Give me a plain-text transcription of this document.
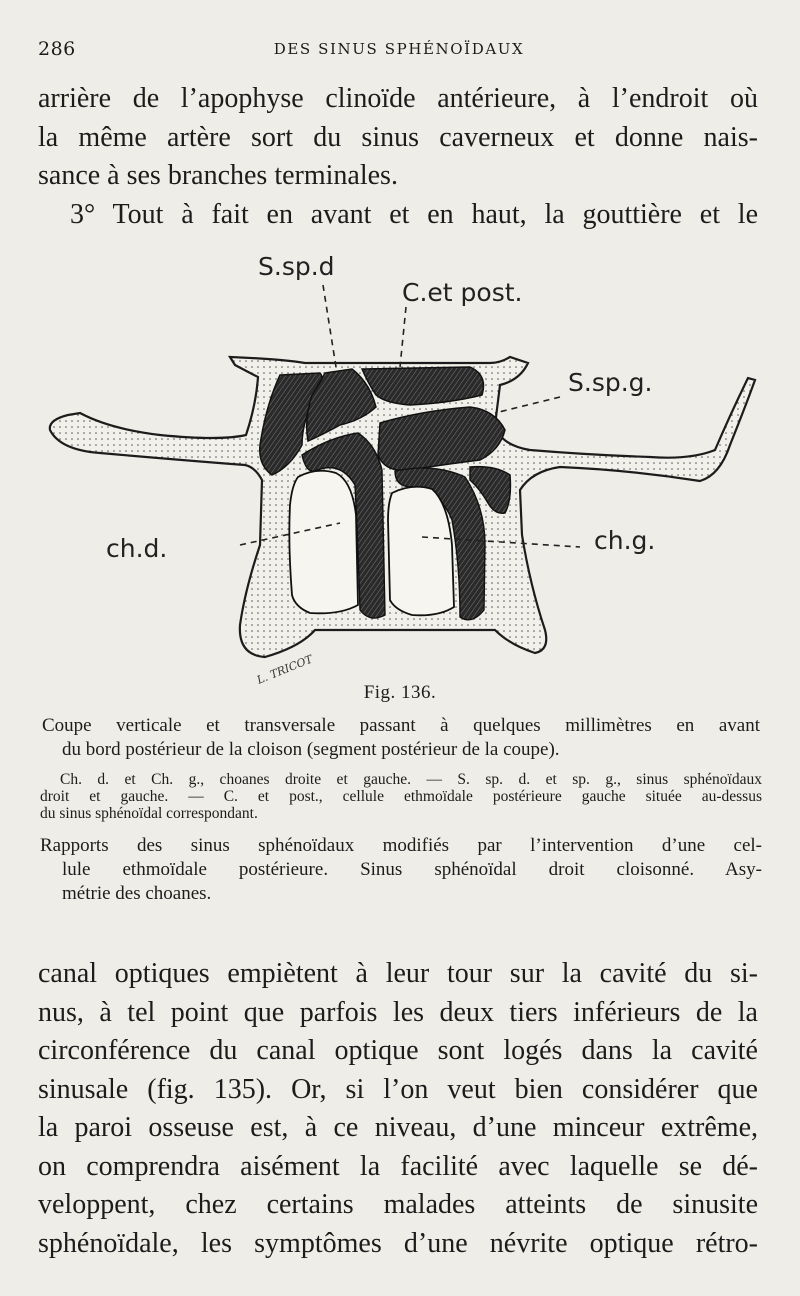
286	DES SINUS SPHÉNOÏDAUX
arrière de l’apophyse clinoïde antérieure, à l’endroit où
la même artère sort du sinus caverneux et donne nais-
sance à ses branches terminales.
3° Tout à fait en avant et en haut, la gouttière et le
S.sp.d
C.et post.
S.sp.g.
ch.d.	ch.g.
L. TRICOT
Fig. 136.
Coupe verticale et transversale passant à quelques millimètres en avant
du bord postérieur de la cloison (segment postérieur de la coupe).
Ch. d. et Ch. g., choanes droite et gauche. — S. sp. d. et sp. g., sinus sphénoïdaux
droit et gauche. — C. et post., cellule ethmoïdale postérieure gauche située au-dessus
du sinus sphénoïdal correspondant.
Rapports des sinus sphénoïdaux modifiés par l’intervention d’une cel-
lule ethmoïdale postérieure. Sinus sphénoïdal droit cloisonné. Asy-
métrie des choanes.
canal optiques empiètent à leur tour sur la cavité du si-
nus, à tel point que parfois les deux tiers inférieurs de la
circonférence du canal optique sont logés dans la cavité
sinusale (fig. 135). Or, si l’on veut bien considérer que
la paroi osseuse est, à ce niveau, d’une minceur extrême,
on comprendra aisément la facilité avec laquelle se dé-
veloppent, chez certains malades atteints de sinusite
sphénoïdale, les symptômes d’une névrite optique rétro-
